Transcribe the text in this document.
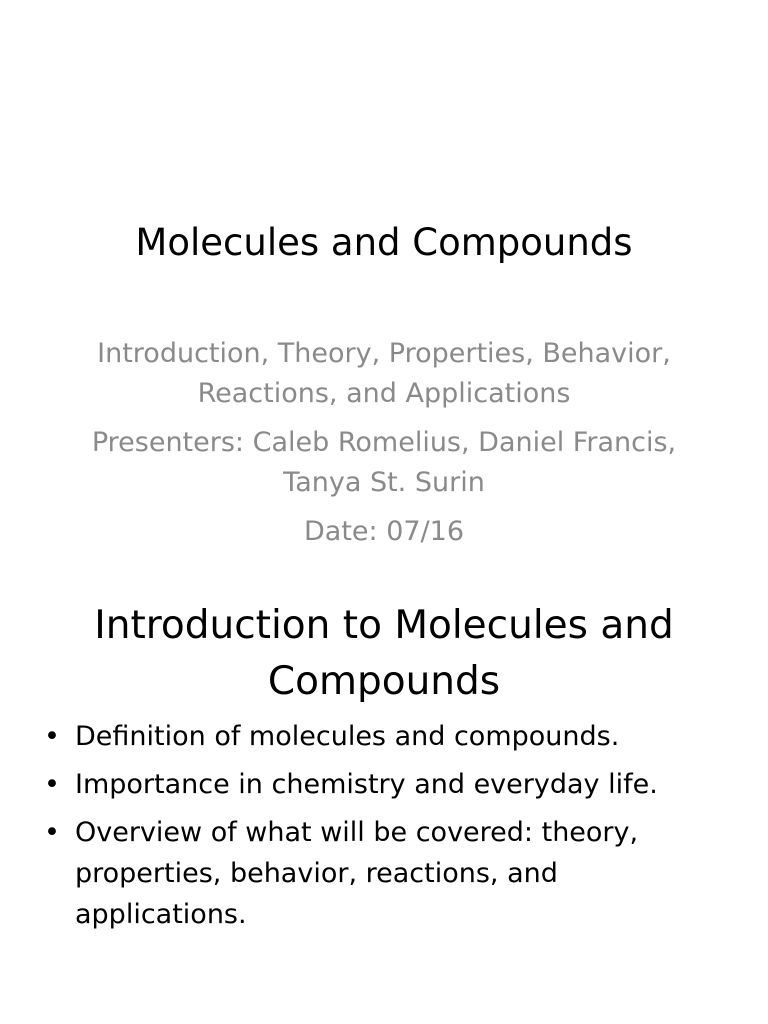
Molecules and Compounds

Introduction, Theory, Properties, Behavior, Reactions, and Applications

Presenters: Caleb Romelius, Daniel Francis, Tanya St. Surin

Date: 07/16

Introduction to Molecules and Compounds
• Definition of molecules and compounds.
• Importance in chemistry and everyday life.
• Overview of what will be covered: theory, properties, behavior, reactions, and applications.
